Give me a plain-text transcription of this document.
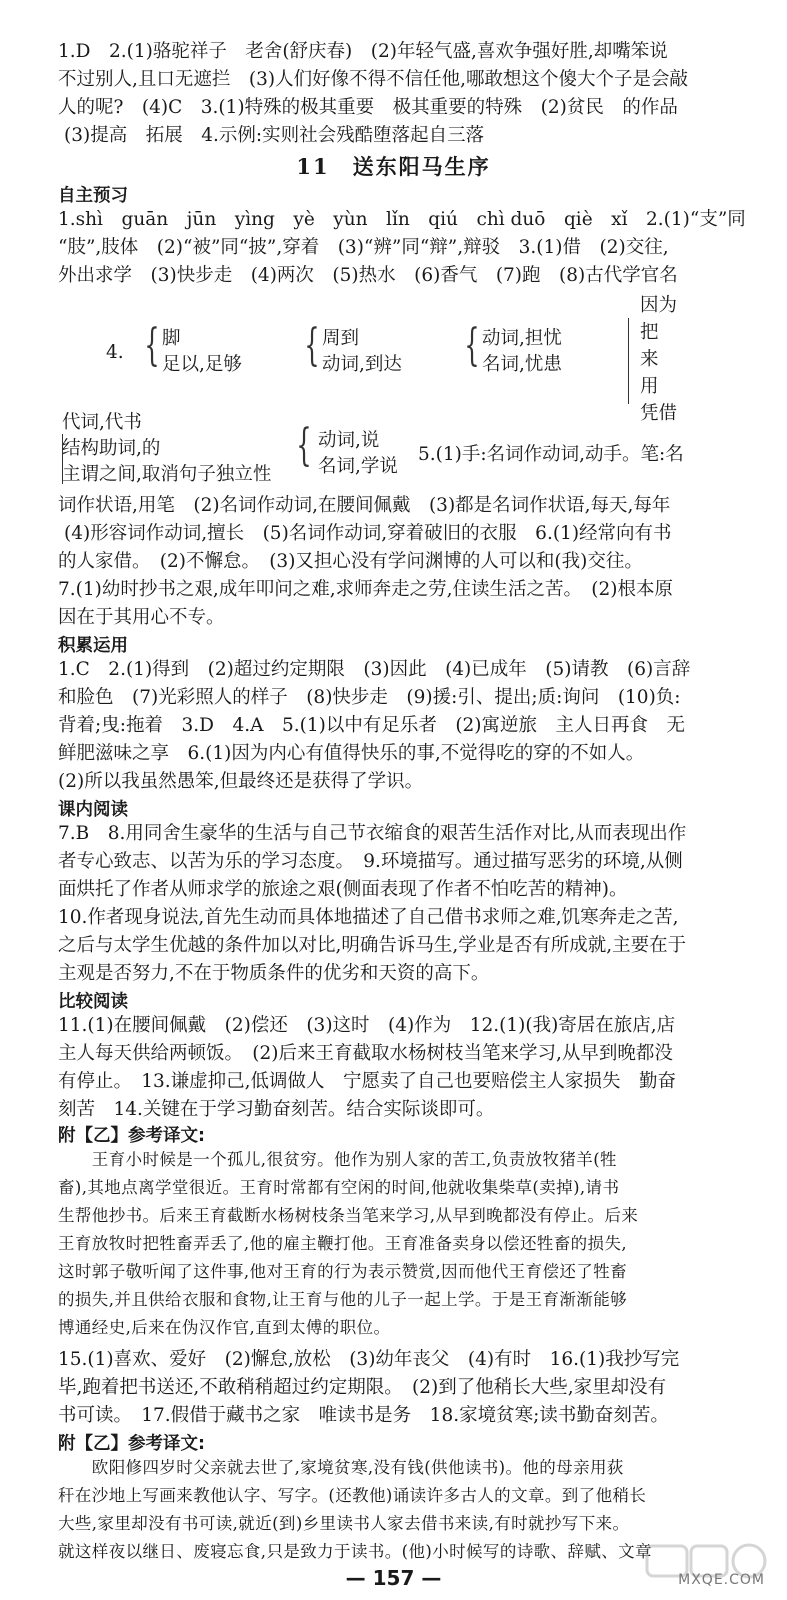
1.D　2.(1)骆驼祥子　老舍(舒庆春)　(2)年轻气盛,喜欢争强好胜,却嘴笨说
不过别人,且口无遮拦　(3)人们好像不得不信任他,哪敢想这个傻大个子是会敲
人的呢?　(4)C　3.(1)特殊的极其重要　极其重要的特殊　(2)贫民　的作品
(3)提高　拓展　4.示例:实则社会残酷堕落起自三落
11　送东阳马生序
自主预习
1.shì　guān　jūn　yìng　yè　yùn　lǐn　qiú　chì duō　qiè　xǐ　2.(1)“支”同
“肢”,肢体　(2)“被”同“披”,穿着　(3)“辨”同“辩”,辩驳　3.(1)借　(2)交往,
外出求学　(3)快步走　(4)两次　(5)热水　(6)香气　(7)跑　(8)古代学官名
4. { 脚
足以,足够 { 周到
动词,到达 { 动词,担忧
名词,忧患
因为
把
来
用
凭借
代词,代书
结构助词,的
主谓之间,取消句子独立性
{ 动词,说
名词,学说
5.(1)手:名词作动词,动手。笔:名
词作状语,用笔　(2)名词作动词,在腰间佩戴　(3)都是名词作状语,每天,每年
(4)形容词作动词,擅长　(5)名词作动词,穿着破旧的衣服　6.(1)经常向有书
的人家借。　(2)不懈怠。　(3)又担心没有学问渊博的人可以和(我)交往。
7.(1)幼时抄书之艰,成年叩问之难,求师奔走之劳,住读生活之苦。　(2)根本原
因在于其用心不专。
积累运用
1.C　2.(1)得到　(2)超过约定期限　(3)因此　(4)已成年　(5)请教　(6)言辞
和脸色　(7)光彩照人的样子　(8)快步走　(9)援:引、提出;质:询问　(10)负:
背着;曳:拖着　3.D　4.A　5.(1)以中有足乐者　(2)寓逆旅　主人日再食　无
鲜肥滋味之享　6.(1)因为内心有值得快乐的事,不觉得吃的穿的不如人。
(2)所以我虽然愚笨,但最终还是获得了学识。
课内阅读
7.B　8.用同舍生豪华的生活与自己节衣缩食的艰苦生活作对比,从而表现出作
者专心致志、以苦为乐的学习态度。　9.环境描写。通过描写恶劣的环境,从侧
面烘托了作者从师求学的旅途之艰(侧面表现了作者不怕吃苦的精神)。
10.作者现身说法,首先生动而具体地描述了自己借书求师之难,饥寒奔走之苦,
之后与太学生优越的条件加以对比,明确告诉马生,学业是否有所成就,主要在于
主观是否努力,不在于物质条件的优劣和天资的高下。
比较阅读
11.(1)在腰间佩戴　(2)偿还　(3)这时　(4)作为　12.(1)(我)寄居在旅店,店
主人每天供给两顿饭。　(2)后来王育截取水杨树枝当笔来学习,从早到晚都没
有停止。　13.谦虚抑己,低调做人　宁愿卖了自己也要赔偿主人家损失　勤奋
刻苦　14.关键在于学习勤奋刻苦。结合实际谈即可。
附【乙】参考译文:
　　王育小时候是一个孤儿,很贫穷。他作为别人家的苦工,负责放牧猪羊(牲
畜),其地点离学堂很近。王育时常都有空闲的时间,他就收集柴草(卖掉),请书
生帮他抄书。后来王育截断水杨树枝条当笔来学习,从早到晚都没有停止。后来
王育放牧时把牲畜弄丢了,他的雇主鞭打他。王育准备卖身以偿还牲畜的损失,
这时郭子敬听闻了这件事,他对王育的行为表示赞赏,因而他代王育偿还了牲畜
的损失,并且供给衣服和食物,让王育与他的儿子一起上学。于是王育渐渐能够
博通经史,后来在伪汉作官,直到太傅的职位。
15.(1)喜欢、爱好　(2)懈怠,放松　(3)幼年丧父　(4)有时　16.(1)我抄写完
毕,跑着把书送还,不敢稍稍超过约定期限。　(2)到了他稍长大些,家里却没有
书可读。　17.假借于藏书之家　唯读书是务　18.家境贫寒;读书勤奋刻苦。
附【乙】参考译文:
　　欧阳修四岁时父亲就去世了,家境贫寒,没有钱(供他读书)。他的母亲用荻
秆在沙地上写画来教他认字、写字。(还教他)诵读许多古人的文章。到了他稍长
大些,家里却没有书可读,就近(到)乡里读书人家去借书来读,有时就抄写下来。
就这样夜以继日、废寝忘食,只是致力于读书。(他)小时候写的诗歌、辞赋、文章
— 157 —	MXQE.COM
